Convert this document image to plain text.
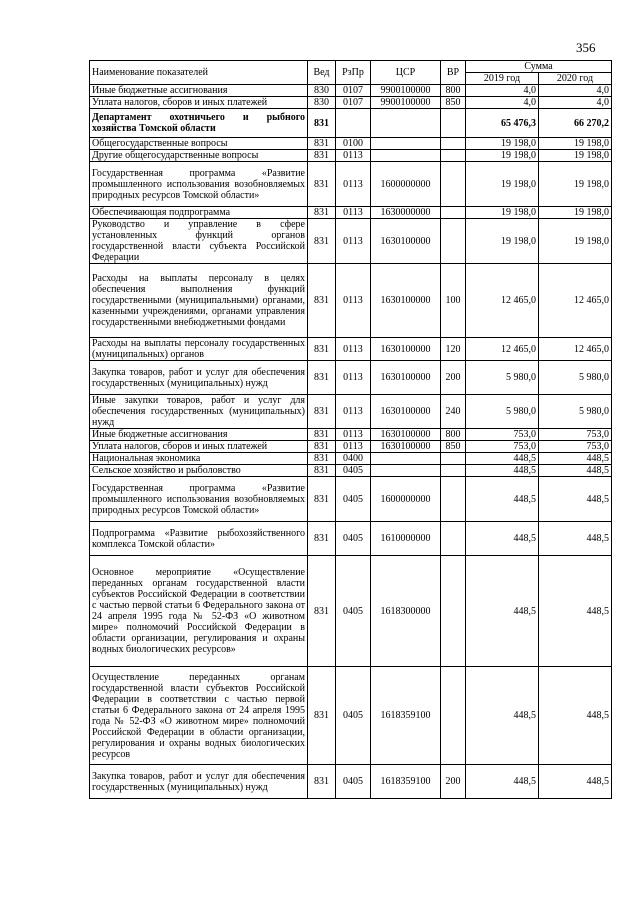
356
Наименование показателей	Вед	РзПр	ЦСР	ВР	Сумма	
					2019 год	2020 год
Иные бюджетные ассигнования	830	0107	9900100000	800	4,0	4,0
Уплата налогов, сборов и иных платежей	830	0107	9900100000	850	4,0	4,0
Департамент охотничьего и рыбного хозяйства Томской области	831				65 476,3	66 270,2
Общегосударственные вопросы	831	0100			19 198,0	19 198,0
Другие общегосударственные вопросы	831	0113			19 198,0	19 198,0
Государственная программа «Развитие промышленного использования возобновляемых природных ресурсов Томской области»	831	0113	1600000000		19 198,0	19 198,0
Обеспечивающая подпрограмма	831	0113	1630000000		19 198,0	19 198,0
Руководство и управление в сфере установленных функций органов государственной власти субъекта Российской Федерации	831	0113	1630100000		19 198,0	19 198,0
Расходы на выплаты персоналу в целях обеспечения выполнения функций государственными (муниципальными) органами, казенными учреждениями, органами управления государственными внебюджетными фондами	831	0113	1630100000	100	12 465,0	12 465,0
Расходы на выплаты персоналу государственных (муниципальных) органов	831	0113	1630100000	120	12 465,0	12 465,0
Закупка товаров, работ и услуг для обеспечения государственных (муниципальных) нужд	831	0113	1630100000	200	5 980,0	5 980,0
Иные закупки товаров, работ и услуг для обеспечения государственных (муниципальных) нужд	831	0113	1630100000	240	5 980,0	5 980,0
Иные бюджетные ассигнования	831	0113	1630100000	800	753,0	753,0
Уплата налогов, сборов и иных платежей	831	0113	1630100000	850	753,0	753,0
Национальная экономика	831	0400			448,5	448,5
Сельское хозяйство и рыболовство	831	0405			448,5	448,5
Государственная программа «Развитие промышленного использования возобновляемых природных ресурсов Томской области»	831	0405	1600000000		448,5	448,5
Подпрограмма «Развитие рыбохозяйственного комплекса Томской области»	831	0405	1610000000		448,5	448,5
Основное мероприятие «Осуществление переданных органам государственной власти субъектов Российской Федерации в соответствии с частью первой статьи 6 Федерального закона от 24 апреля 1995 года № 52-ФЗ «О животном мире» полномочий Российской Федерации в области организации, регулирования и охраны водных биологических ресурсов»	831	0405	1618300000		448,5	448,5
Осуществление переданных органам государственной власти субъектов Российской Федерации в соответствии с частью первой статьи 6 Федерального закона от 24 апреля 1995 года № 52-ФЗ «О животном мире» полномочий Российской Федерации в области организации, регулирования и охраны водных биологических ресурсов	831	0405	1618359100		448,5	448,5
Закупка товаров, работ и услуг для обеспечения государственных (муниципальных) нужд	831	0405	1618359100	200	448,5	448,5
